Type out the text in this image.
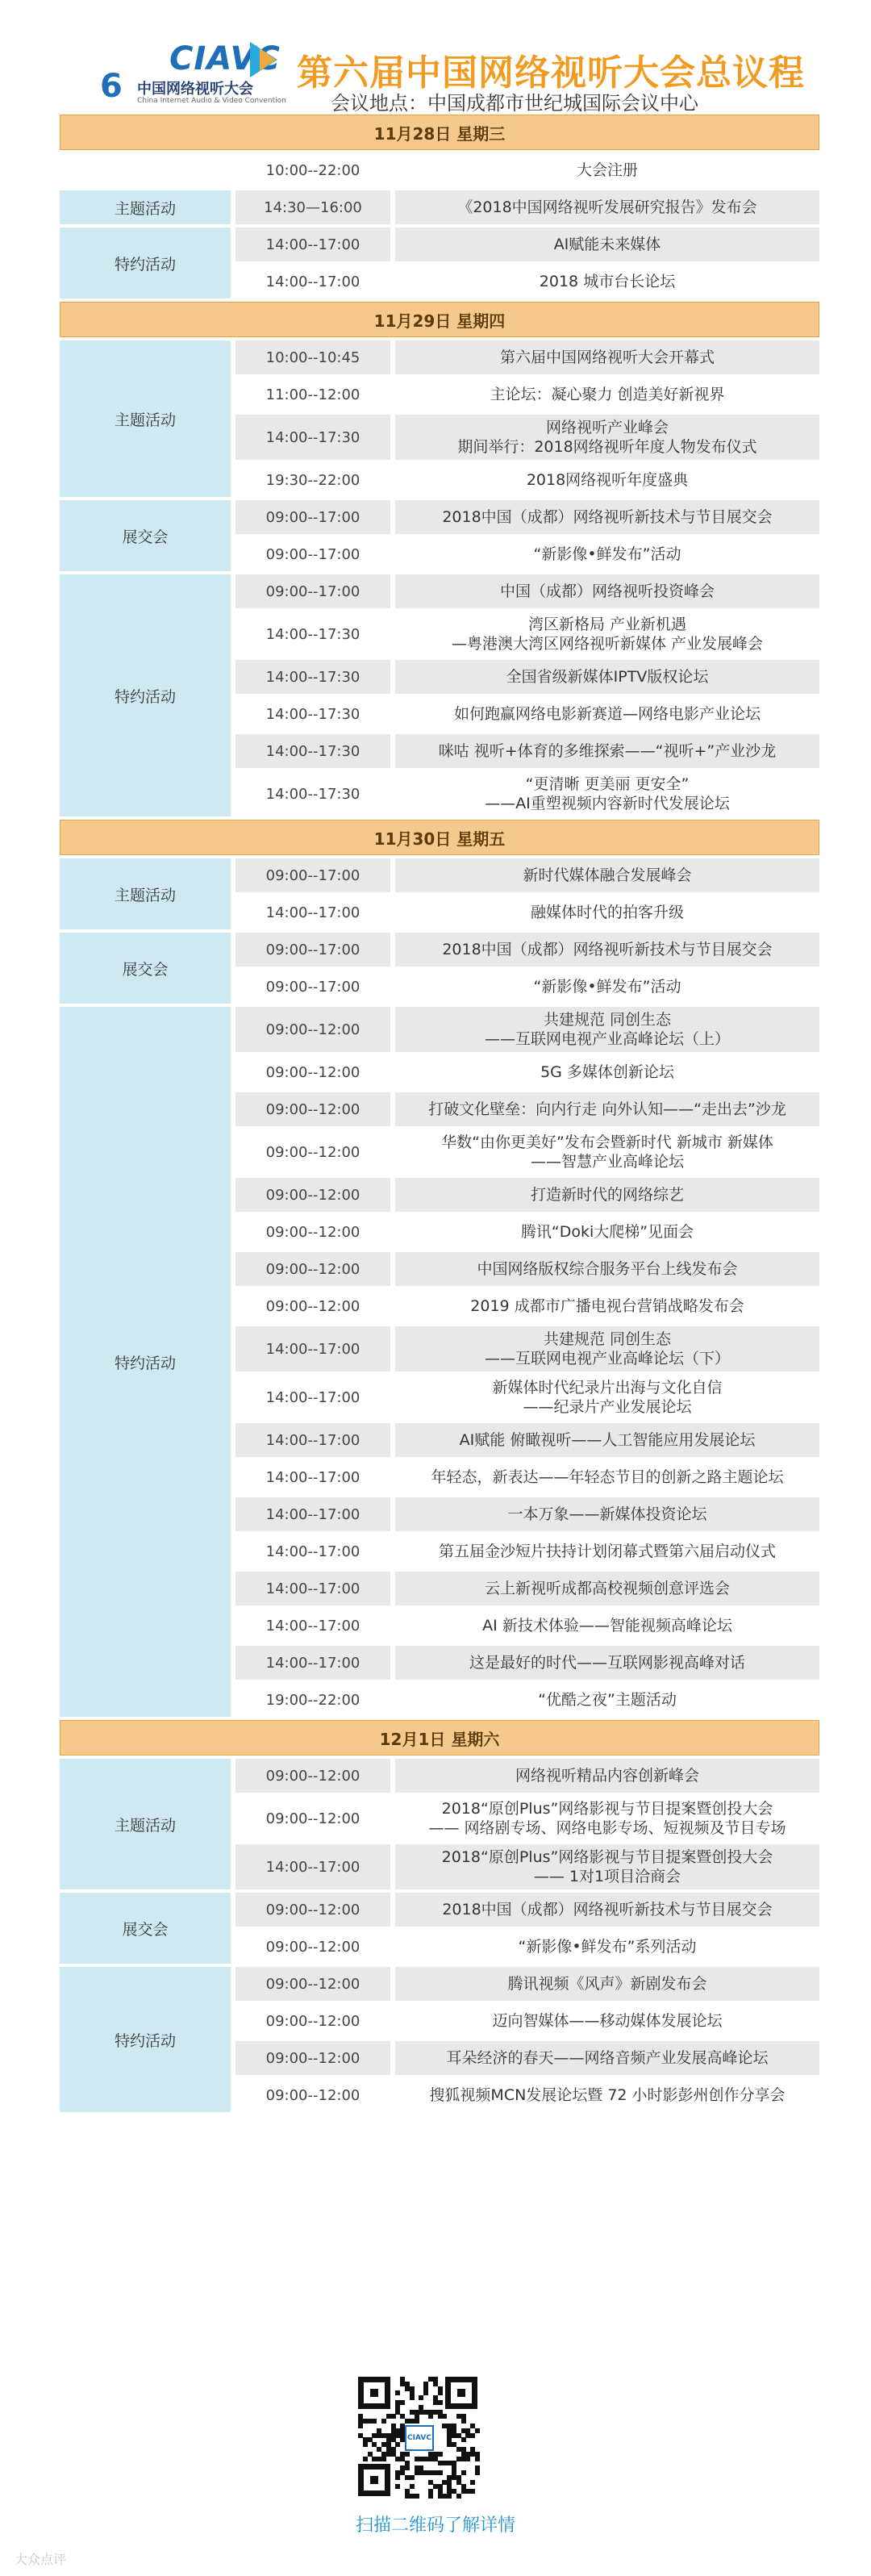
6
CIAVC
中国网络视听大会
China Internet Audio & Video Convention
第六届中国网络视听大会总议程
会议地点：中国成都市世纪城国际会议中心
11月28日 星期三
10:00--22:00	大会注册
主题活动	14:30—16:00	《2018中国网络视听发展研究报告》发布会
特约活动
14:00--17:00	AI赋能未来媒体
14:00--17:00	2018 城市台长论坛
11月29日 星期四
主题活动
10:00--10:45	第六届中国网络视听大会开幕式
11:00--12:00	主论坛：凝心聚力 创造美好新视界
14:00--17:30
网络视听产业峰会
期间举行：2018网络视听年度人物发布仪式
19:30--22:00	2018网络视听年度盛典
展交会
09:00--17:00	2018中国（成都）网络视听新技术与节目展交会
09:00--17:00	“新影像•鲜发布”活动
特约活动
09:00--17:00	中国（成都）网络视听投资峰会
14:00--17:30
湾区新格局 产业新机遇
—粤港澳大湾区网络视听新媒体 产业发展峰会
14:00--17:30	全国省级新媒体IPTV版权论坛
14:00--17:30	如何跑赢网络电影新赛道—网络电影产业论坛
14:00--17:30	咪咕 视听+体育的多维探索——“视听+”产业沙龙
14:00--17:30
“更清晰 更美丽 更安全”
——AI重塑视频内容新时代发展论坛
11月30日 星期五
主题活动
09:00--17:00	新时代媒体融合发展峰会
14:00--17:00	融媒体时代的拍客升级
展交会
09:00--17:00	2018中国（成都）网络视听新技术与节目展交会
09:00--17:00	“新影像•鲜发布”活动
特约活动
09:00--12:00
共建规范 同创生态
——互联网电视产业高峰论坛（上）
09:00--12:00	5G 多媒体创新论坛
09:00--12:00	打破文化壁垒：向内行走 向外认知——“走出去”沙龙
09:00--12:00
华数“由你更美好”发布会暨新时代 新城市 新媒体
——智慧产业高峰论坛
09:00--12:00	打造新时代的网络综艺
09:00--12:00	腾讯“Doki大爬梯”见面会
09:00--12:00	中国网络版权综合服务平台上线发布会
09:00--12:00	2019 成都市广播电视台营销战略发布会
14:00--17:00
共建规范 同创生态
——互联网电视产业高峰论坛（下）
14:00--17:00
新媒体时代纪录片出海与文化自信
——纪录片产业发展论坛
14:00--17:00	AI赋能 俯瞰视听——人工智能应用发展论坛
14:00--17:00	年轻态，新表达——年轻态节目的创新之路主题论坛
14:00--17:00	一本万象——新媒体投资论坛
14:00--17:00	第五届金沙短片扶持计划闭幕式暨第六届启动仪式
14:00--17:00	云上新视听成都高校视频创意评选会
14:00--17:00	AI 新技术体验——智能视频高峰论坛
14:00--17:00	这是最好的时代——互联网影视高峰对话
19:00--22:00	“优酷之夜”主题活动
12月1日 星期六
主题活动
09:00--12:00	网络视听精品内容创新峰会
09:00--12:00
2018“原创Plus”网络影视与节目提案暨创投大会
—— 网络剧专场、网络电影专场、短视频及节目专场
14:00--17:00
2018“原创Plus”网络影视与节目提案暨创投大会
—— 1对1项目洽商会
展交会
09:00--12:00	2018中国（成都）网络视听新技术与节目展交会
09:00--12:00	“新影像•鲜发布”系列活动
特约活动
09:00--12:00	腾讯视频《风声》新剧发布会
09:00--12:00	迈向智媒体——移动媒体发展论坛
09:00--12:00	耳朵经济的春天——网络音频产业发展高峰论坛
09:00--12:00	搜狐视频MCN发展论坛暨 72 小时影彭州创作分享会
CIAVC
扫描二维码了解详情
大众点评
